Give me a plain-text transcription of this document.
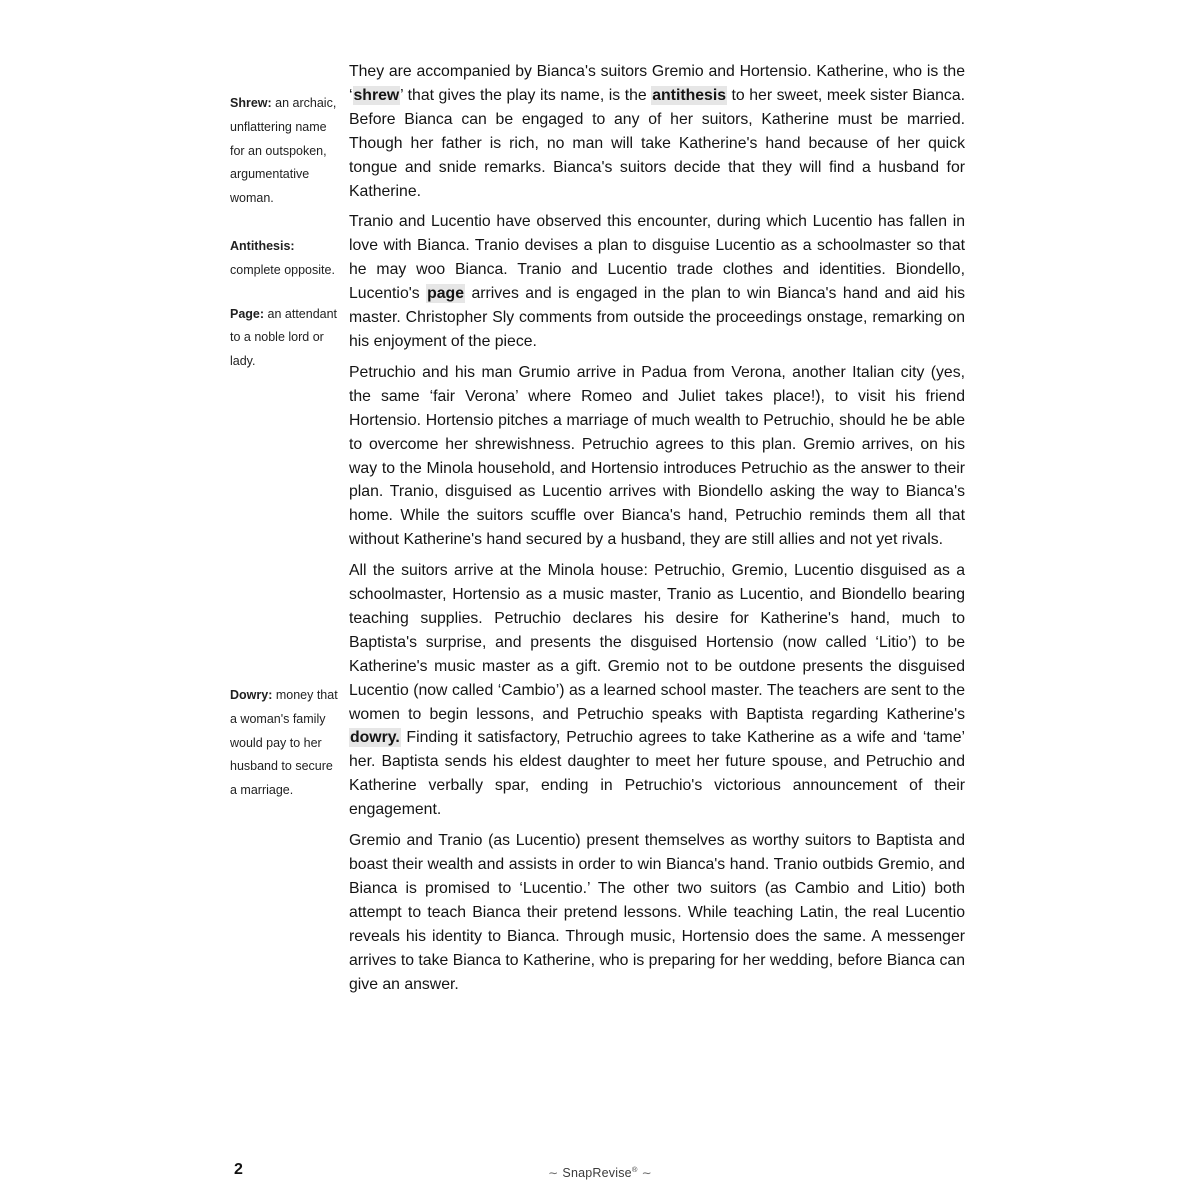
Shrew: an archaic, unflattering name for an outspoken, argumentative woman.
Antithesis: complete opposite.
Page: an attendant to a noble lord or lady.
Dowry: money that a woman's family would pay to her husband to secure a marriage.

They are accompanied by Bianca's suitors Gremio and Hortensio. Katherine, who is the ‘shrew’ that gives the play its name, is the antithesis to her sweet, meek sister Bianca. Before Bianca can be engaged to any of her suitors, Katherine must be married. Though her father is rich, no man will take Katherine's hand because of her quick tongue and snide remarks. Bianca's suitors decide that they will find a husband for Katherine.

Tranio and Lucentio have observed this encounter, during which Lucentio has fallen in love with Bianca. Tranio devises a plan to disguise Lucentio as a schoolmaster so that he may woo Bianca. Tranio and Lucentio trade clothes and identities. Biondello, Lucentio's page arrives and is engaged in the plan to win Bianca's hand and aid his master. Christopher Sly comments from outside the proceedings onstage, remarking on his enjoyment of the piece.

Petruchio and his man Grumio arrive in Padua from Verona, another Italian city (yes, the same ‘fair Verona’ where Romeo and Juliet takes place!), to visit his friend Hortensio. Hortensio pitches a marriage of much wealth to Petruchio, should he be able to overcome her shrewishness. Petruchio agrees to this plan. Gremio arrives, on his way to the Minola household, and Hortensio introduces Petruchio as the answer to their plan. Tranio, disguised as Lucentio arrives with Biondello asking the way to Bianca's home. While the suitors scuffle over Bianca's hand, Petruchio reminds them all that without Katherine's hand secured by a husband, they are still allies and not yet rivals.

All the suitors arrive at the Minola house: Petruchio, Gremio, Lucentio disguised as a schoolmaster, Hortensio as a music master, Tranio as Lucentio, and Biondello bearing teaching supplies. Petruchio declares his desire for Katherine's hand, much to Baptista's surprise, and presents the disguised Hortensio (now called ‘Litio’) to be Katherine's music master as a gift. Gremio not to be outdone presents the disguised Lucentio (now called ‘Cambio’) as a learned school master. The teachers are sent to the women to begin lessons, and Petruchio speaks with Baptista regarding Katherine's dowry. Finding it satisfactory, Petruchio agrees to take Katherine as a wife and ‘tame’ her. Baptista sends his eldest daughter to meet her future spouse, and Petruchio and Katherine verbally spar, ending in Petruchio's victorious announcement of their engagement.

Gremio and Tranio (as Lucentio) present themselves as worthy suitors to Baptista and boast their wealth and assists in order to win Bianca's hand. Tranio outbids Gremio, and Bianca is promised to ‘Lucentio.’ The other two suitors (as Cambio and Litio) both attempt to teach Bianca their pretend lessons. While teaching Latin, the real Lucentio reveals his identity to Bianca. Through music, Hortensio does the same. A messenger arrives to take Bianca to Katherine, who is preparing for her wedding, before Bianca can give an answer.

2	∼ SnapRevise® ∼
